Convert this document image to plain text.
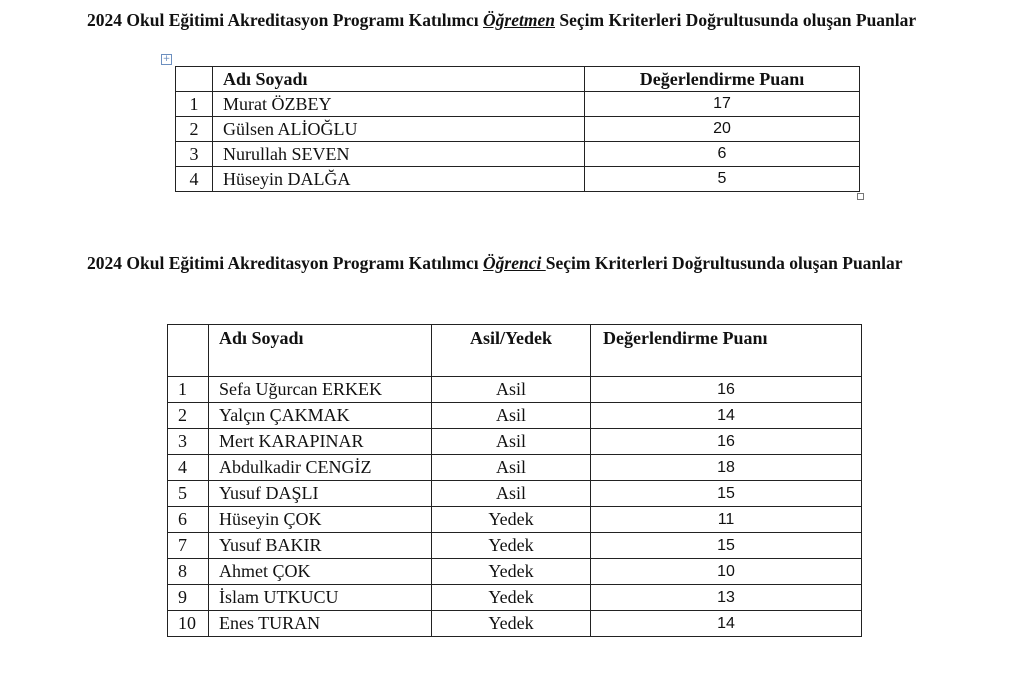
2024 Okul Eğitimi Akreditasyon Programı Katılımcı Öğretmen Seçim Kriterleri Doğrultusunda oluşan Puanlar
+
	Adı Soyadı	Değerlendirme Puanı
1	Murat ÖZBEY	17
2	Gülsen ALİOĞLU	20
3	Nurullah SEVEN	6
4	Hüseyin DALĞA	5
2024 Okul Eğitimi Akreditasyon Programı Katılımcı Öğrenci Seçim Kriterleri Doğrultusunda oluşan Puanlar
	Adı Soyadı	Asil/Yedek	Değerlendirme Puanı
1	Sefa Uğurcan ERKEK	Asil	16
2	Yalçın ÇAKMAK	Asil	14
3	Mert KARAPINAR	Asil	16
4	Abdulkadir CENGİZ	Asil	18
5	Yusuf DAŞLI	Asil	15
6	Hüseyin ÇOK	Yedek	11
7	Yusuf BAKIR	Yedek	15
8	Ahmet ÇOK	Yedek	10
9	İslam UTKUCU	Yedek	13
10	Enes TURAN	Yedek	14
